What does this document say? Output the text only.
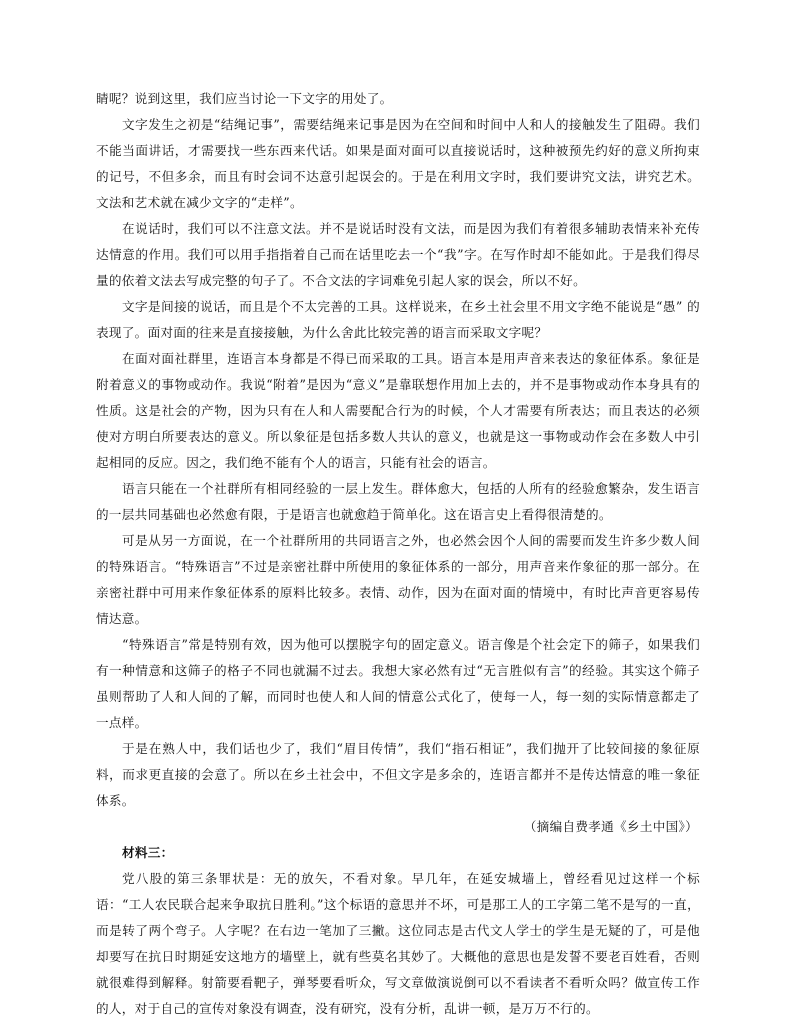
睛呢？说到这里，我们应当讨论一下文字的用处了。

文字发生之初是“结绳记事”，需要结绳来记事是因为在空间和时间中人和人的接触发生了阻碍。我们不能当面讲话，才需要找一些东西来代话。如果是面对面可以直接说话时，这种被预先约好的意义所拘束的记号，不但多余，而且有时会词不达意引起误会的。于是在利用文字时，我们要讲究文法，讲究艺术。文法和艺术就在减少文字的“走样”。

在说话时，我们可以不注意文法。并不是说话时没有文法，而是因为我们有着很多辅助表情来补充传达情意的作用。我们可以用手指指着自己而在话里吃去一个“我”字。在写作时却不能如此。于是我们得尽量的依着文法去写成完整的句子了。不合文法的字词难免引起人家的误会，所以不好。

文字是间接的说话，而且是个不太完善的工具。这样说来，在乡土社会里不用文字绝不能说是“愚” 的表现了。面对面的往来是直接接触，为什么舍此比较完善的语言而采取文字呢？

在面对面社群里，连语言本身都是不得已而采取的工具。语言本是用声音来表达的象征体系。象征是附着意义的事物或动作。我说“附着”是因为“意义”是靠联想作用加上去的，并不是事物或动作本身具有的性质。这是社会的产物，因为只有在人和人需要配合行为的时候，个人才需要有所表达；而且表达的必须使对方明白所要表达的意义。所以象征是包括多数人共认的意义，也就是这一事物或动作会在多数人中引起相同的反应。因之，我们绝不能有个人的语言，只能有社会的语言。

语言只能在一个社群所有相同经验的一层上发生。群体愈大，包括的人所有的经验愈繁杂，发生语言的一层共同基础也必然愈有限，于是语言也就愈趋于简单化。这在语言史上看得很清楚的。

可是从另一方面说，在一个社群所用的共同语言之外，也必然会因个人间的需要而发生许多少数人间的特殊语言。“特殊语言”不过是亲密社群中所使用的象征体系的一部分，用声音来作象征的那一部分。在亲密社群中可用来作象征体系的原料比较多。表情、动作，因为在面对面的情境中，有时比声音更容易传情达意。

“特殊语言”常是特别有效，因为他可以摆脱字句的固定意义。语言像是个社会定下的筛子，如果我们有一种情意和这筛子的格子不同也就漏不过去。我想大家必然有过“无言胜似有言”的经验。其实这个筛子虽则帮助了人和人间的了解，而同时也使人和人间的情意公式化了，使每一人，每一刻的实际情意都走了一点样。

于是在熟人中，我们话也少了，我们“眉目传情”，我们“指石相证”，我们抛开了比较间接的象征原料，而求更直接的会意了。所以在乡土社会中，不但文字是多余的，连语言都并不是传达情意的唯一象征体系。
（摘编自费孝通《乡土中国》）

材料三：

党八股的第三条罪状是：无的放矢，不看对象。早几年，在延安城墙上，曾经看见过这样一个标语：“工人农民联合起来争取抗日胜利。”这个标语的意思并不坏，可是那工人的工字第二笔不是写的一直， 而是转了两个弯子。人字呢？在右边一笔加了三撇。这位同志是古代文人学士的学生是无疑的了，可是他却要写在抗日时期延安这地方的墙壁上，就有些莫名其妙了。大概他的意思也是发誓不要老百姓看，否则就很难得到解释。射箭要看靶子，弹琴要看听众，写文章做演说倒可以不看读者不看听众吗？做宣传工作的人，对于自己的宣传对象没有调查，没有研究，没有分析，乱讲一顿，是万万不行的。
